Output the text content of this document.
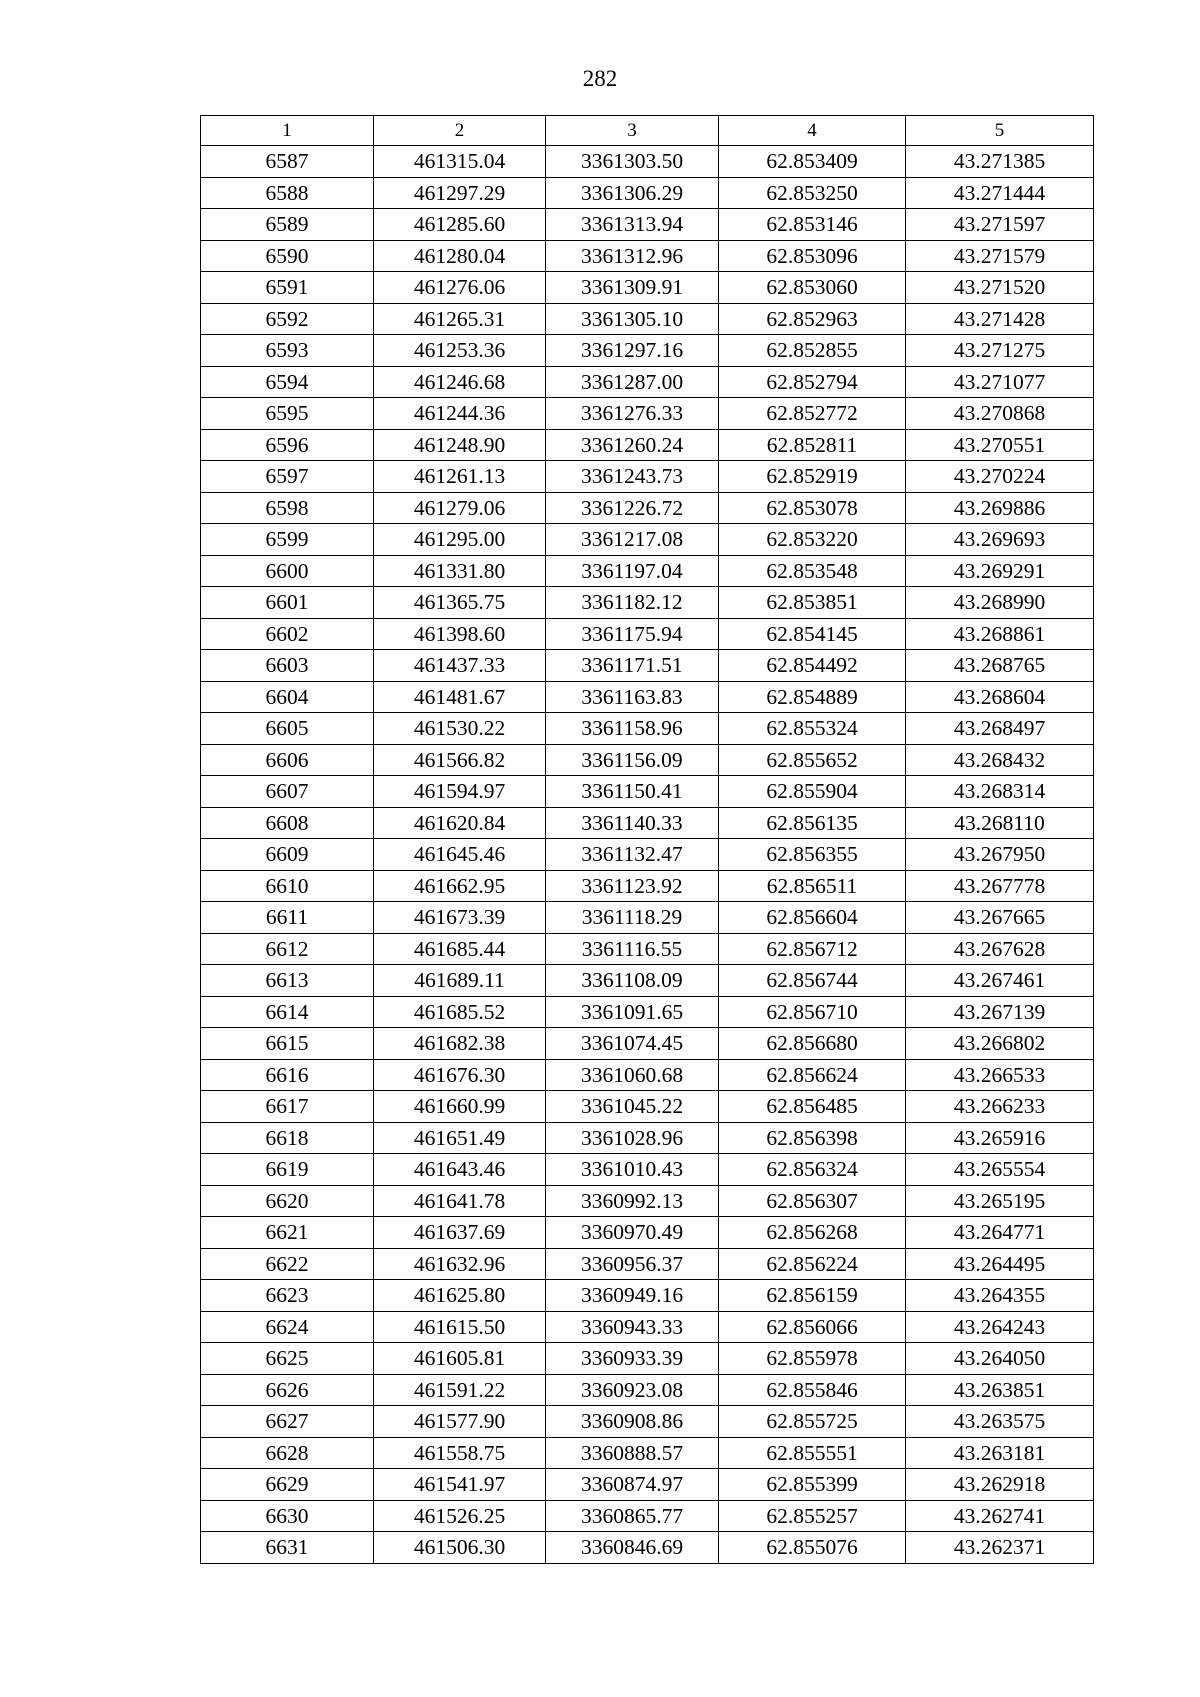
282
1	2	3	4	5
6587	461315.04	3361303.50	62.853409	43.271385
6588	461297.29	3361306.29	62.853250	43.271444
6589	461285.60	3361313.94	62.853146	43.271597
6590	461280.04	3361312.96	62.853096	43.271579
6591	461276.06	3361309.91	62.853060	43.271520
6592	461265.31	3361305.10	62.852963	43.271428
6593	461253.36	3361297.16	62.852855	43.271275
6594	461246.68	3361287.00	62.852794	43.271077
6595	461244.36	3361276.33	62.852772	43.270868
6596	461248.90	3361260.24	62.852811	43.270551
6597	461261.13	3361243.73	62.852919	43.270224
6598	461279.06	3361226.72	62.853078	43.269886
6599	461295.00	3361217.08	62.853220	43.269693
6600	461331.80	3361197.04	62.853548	43.269291
6601	461365.75	3361182.12	62.853851	43.268990
6602	461398.60	3361175.94	62.854145	43.268861
6603	461437.33	3361171.51	62.854492	43.268765
6604	461481.67	3361163.83	62.854889	43.268604
6605	461530.22	3361158.96	62.855324	43.268497
6606	461566.82	3361156.09	62.855652	43.268432
6607	461594.97	3361150.41	62.855904	43.268314
6608	461620.84	3361140.33	62.856135	43.268110
6609	461645.46	3361132.47	62.856355	43.267950
6610	461662.95	3361123.92	62.856511	43.267778
6611	461673.39	3361118.29	62.856604	43.267665
6612	461685.44	3361116.55	62.856712	43.267628
6613	461689.11	3361108.09	62.856744	43.267461
6614	461685.52	3361091.65	62.856710	43.267139
6615	461682.38	3361074.45	62.856680	43.266802
6616	461676.30	3361060.68	62.856624	43.266533
6617	461660.99	3361045.22	62.856485	43.266233
6618	461651.49	3361028.96	62.856398	43.265916
6619	461643.46	3361010.43	62.856324	43.265554
6620	461641.78	3360992.13	62.856307	43.265195
6621	461637.69	3360970.49	62.856268	43.264771
6622	461632.96	3360956.37	62.856224	43.264495
6623	461625.80	3360949.16	62.856159	43.264355
6624	461615.50	3360943.33	62.856066	43.264243
6625	461605.81	3360933.39	62.855978	43.264050
6626	461591.22	3360923.08	62.855846	43.263851
6627	461577.90	3360908.86	62.855725	43.263575
6628	461558.75	3360888.57	62.855551	43.263181
6629	461541.97	3360874.97	62.855399	43.262918
6630	461526.25	3360865.77	62.855257	43.262741
6631	461506.30	3360846.69	62.855076	43.262371
